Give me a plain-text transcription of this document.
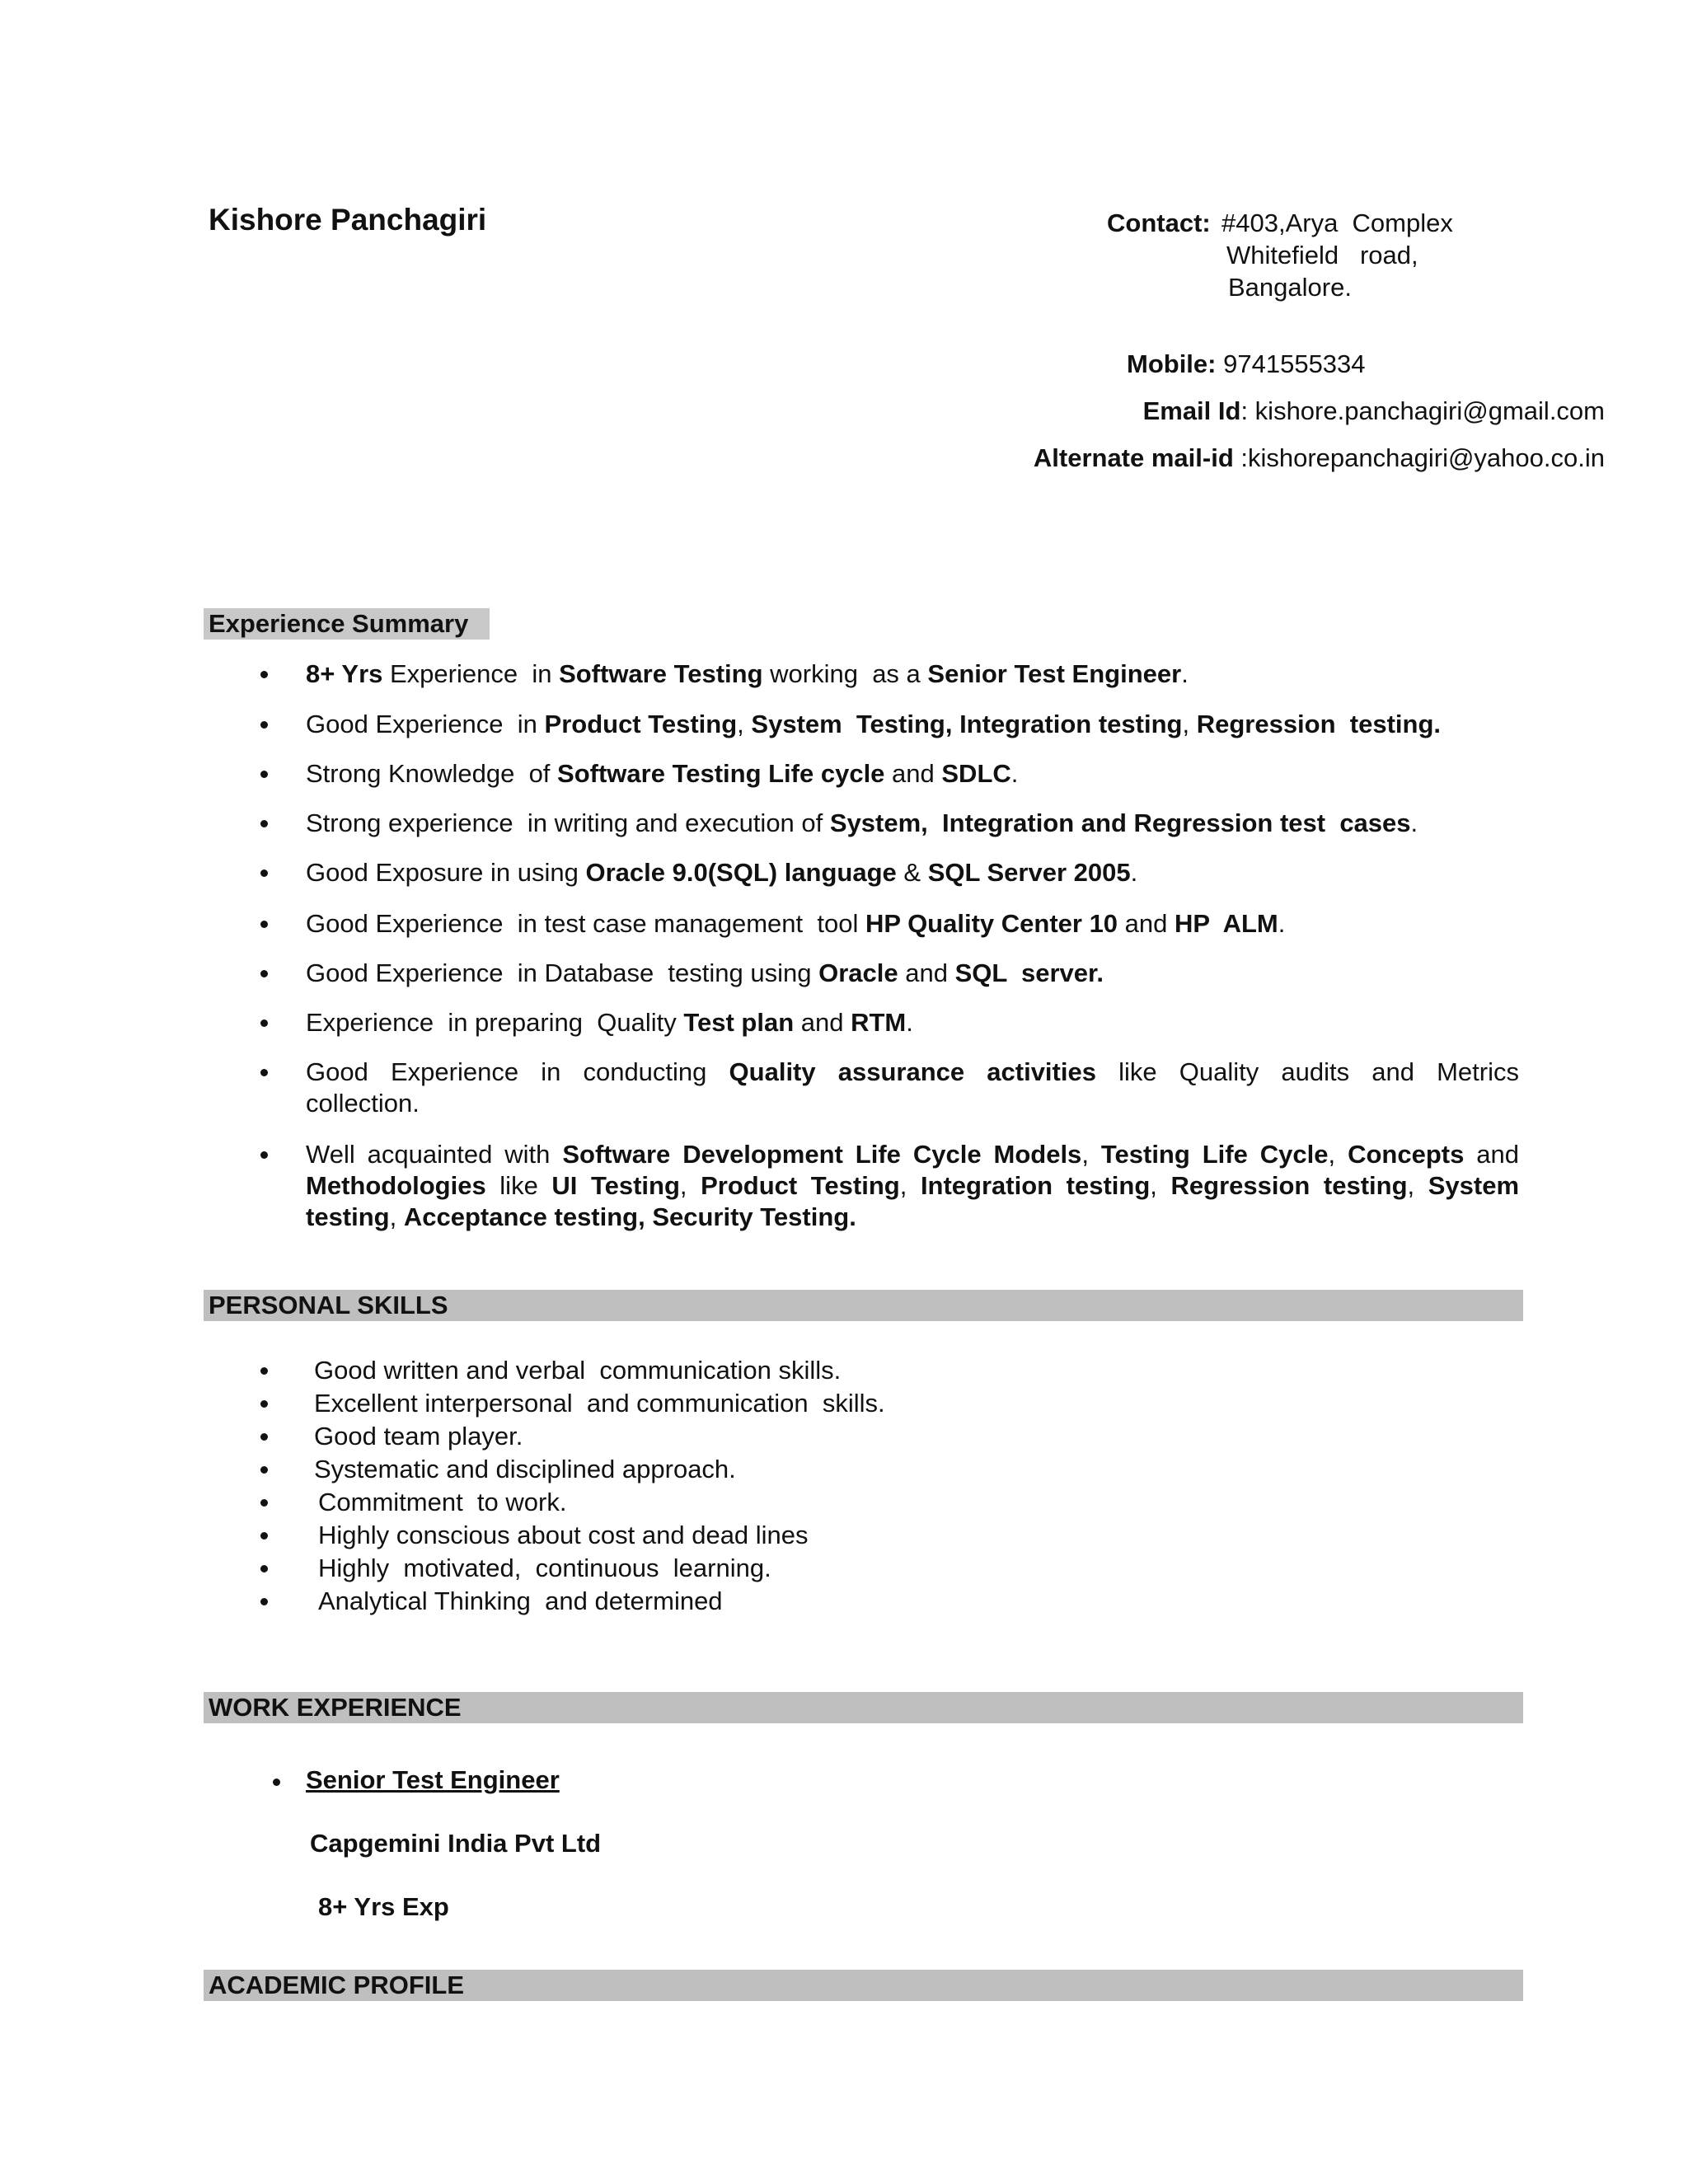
Kishore Panchagiri	Contact: #403,Arya  Complex
Whitefield   road,
Bangalore.
Mobile: 9741555334
Email Id: kishore.panchagiri@gmail.com
Alternate mail-id :kishorepanchagiri@yahoo.co.in
Experience Summary
8+ Yrs Experience  in Software Testing working  as a Senior Test Engineer.
Good Experience  in Product Testing, System  Testing, Integration testing, Regression  testing.
Strong Knowledge  of Software Testing Life cycle and SDLC.
Strong experience  in writing and execution of System,  Integration and Regression test  cases.
Good Exposure in using Oracle 9.0(SQL) language & SQL Server 2005.
Good Experience  in test case management  tool HP Quality Center 10 and HP  ALM.
Good Experience  in Database  testing using Oracle and SQL  server.
Experience  in preparing  Quality Test plan and RTM.
Good  Experience  in  conducting  Quality  assurance  activities  like  Quality  audits  and  Metrics collection.
Well acquainted with Software Development Life Cycle Models, Testing Life Cycle, Concepts and Methodologies like UI Testing, Product Testing, Integration testing, Regression testing, System testing, Acceptance testing, Security Testing.
PERSONAL SKILLS
Good written and verbal  communication skills.
Excellent interpersonal  and communication  skills.
Good team player.
Systematic and disciplined approach.
Commitment  to work.
Highly conscious about cost and dead lines
Highly  motivated,  continuous  learning.
Analytical Thinking  and determined
WORK EXPERIENCE
Senior Test Engineer
Capgemini India Pvt Ltd
8+ Yrs Exp
ACADEMIC PROFILE
